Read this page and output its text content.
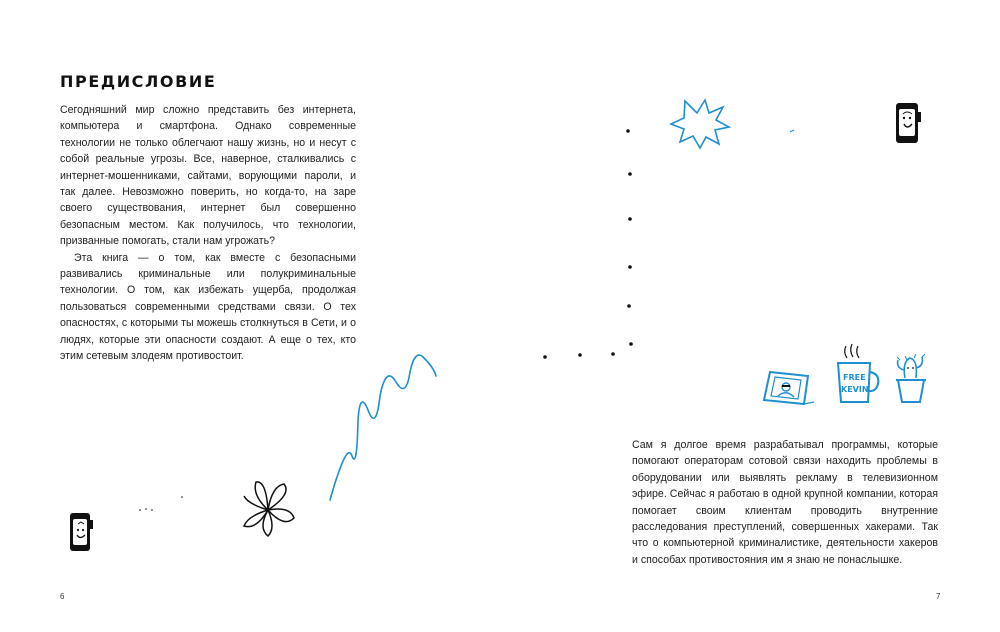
ПРЕДИСЛОВИЕ

Сегодняшний мир сложно представить без интернета, компьютера и смартфона. Однако современные технологии не только облегчают нашу жизнь, но и несут с собой реальные угрозы. Все, наверное, сталкивались с интернет-мошенниками, сайтами, ворующими пароли, и так далее. Невозможно поверить, но когда-то, на заре своего существования, интернет был совершенно безопасным местом. Как получилось, что технологии, призванные помогать, стали нам угрожать?

Эта книга — о том, как вместе с безопасными развивались криминальные или полукриминальные технологии. О том, как избежать ущерба, продолжая пользоваться современными средствами связи. О тех опасностях, с которыми ты можешь столкнуться в Сети, и о людях, которые эти опасности создают. А еще о тех, кто этим сетевым злодеям противостоит.

6

Сам я долгое время разрабатывал программы, которые помогают операторам сотовой связи находить проблемы в оборудовании или выявлять рекламу в телевизионном эфире. Сейчас я работаю в одной крупной компании, которая помогает своим клиентам проводить внутренние расследования преступлений, совершенных хакерами. Так что о компьютерной криминалистике, деятельности хакеров и способах противостояния им я знаю не понаслышке.

7
FREE
KEVIN
